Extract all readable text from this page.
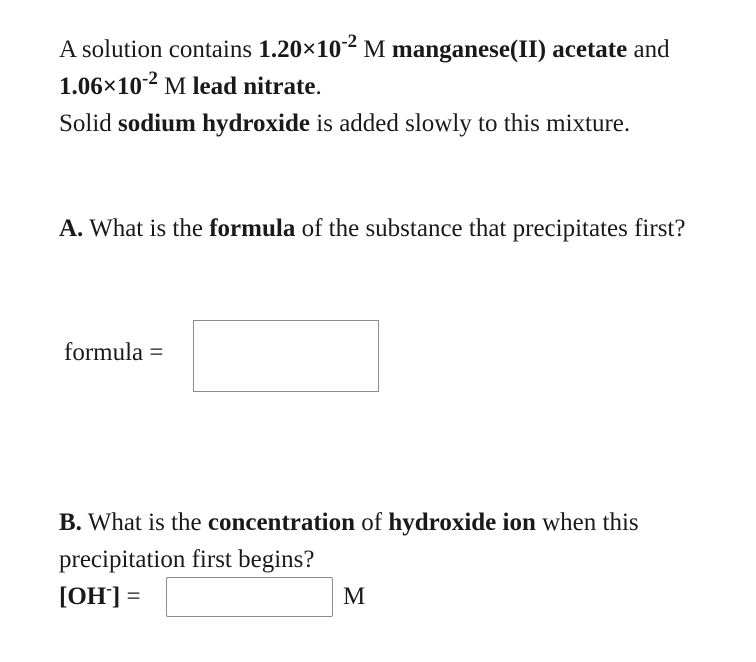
A solution contains $1.20\times 10^{-2}$ M manganese(II) acetate and $1.06\times 10^{-2}$ M lead nitrate.
Solid sodium hydroxide is added slowly to this mixture.

A. What is the formula of the substance that precipitates first?

formula =

B. What is the concentration of hydroxide ion when this precipitation first begins?

[OH-] =	M
